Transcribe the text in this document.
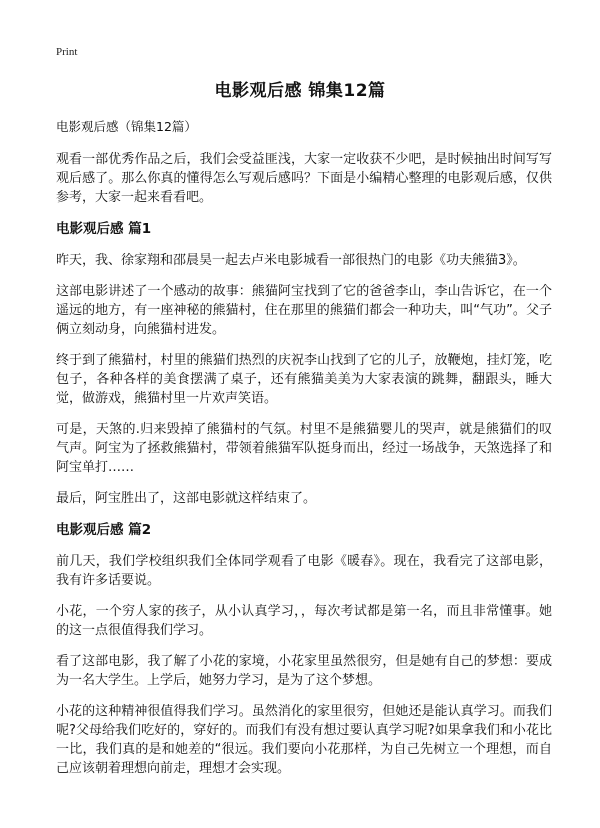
Print
电影观后感 锦集12篇

电影观后感（锦集12篇）

观看一部优秀作品之后，我们会受益匪浅，大家一定收获不少吧，是时候抽出时间写写观后感了。那么你真的懂得怎么写观后感吗？下面是小编精心整理的电影观后感，仅供参考，大家一起来看看吧。

电影观后感 篇1

昨天，我、徐家翔和邵晨昊一起去卢米电影城看一部很热门的电影《功夫熊猫3》。

这部电影讲述了一个感动的故事：熊猫阿宝找到了它的爸爸李山，李山告诉它，在一个遥远的地方，有一座神秘的熊猫村，住在那里的熊猫们都会一种功夫，叫“气功”。父子俩立刻动身，向熊猫村进发。

终于到了熊猫村，村里的熊猫们热烈的庆祝李山找到了它的儿子，放鞭炮，挂灯笼，吃包子，各种各样的美食摆满了桌子，还有熊猫美美为大家表演的跳舞，翻跟头，睡大觉，做游戏，熊猫村里一片欢声笑语。

可是，天煞的.归来毁掉了熊猫村的气氛。村里不是熊猫婴儿的哭声，就是熊猫们的叹气声。阿宝为了拯救熊猫村，带领着熊猫军队挺身而出，经过一场战争，天煞选择了和阿宝单打……

最后，阿宝胜出了，这部电影就这样结束了。

电影观后感 篇2

前几天，我们学校组织我们全体同学观看了电影《暖春》。现在，我看完了这部电影，我有许多话要说。

小花，一个穷人家的孩子，从小认真学习，，每次考试都是第一名，而且非常懂事。她的这一点很值得我们学习。

看了这部电影，我了解了小花的家境，小花家里虽然很穷，但是她有自己的梦想：要成为一名大学生。上学后，她努力学习，是为了这个梦想。

小花的这种精神很值得我们学习。虽然消化的家里很穷，但她还是能认真学习。而我们呢?父母给我们吃好的，穿好的。而我们有没有想过要认真学习呢?如果拿我们和小花比一比，我们真的是和她差的“很远。我们要向小花那样，为自己先树立一个理想，而自己应该朝着理想向前走，理想才会实现。
